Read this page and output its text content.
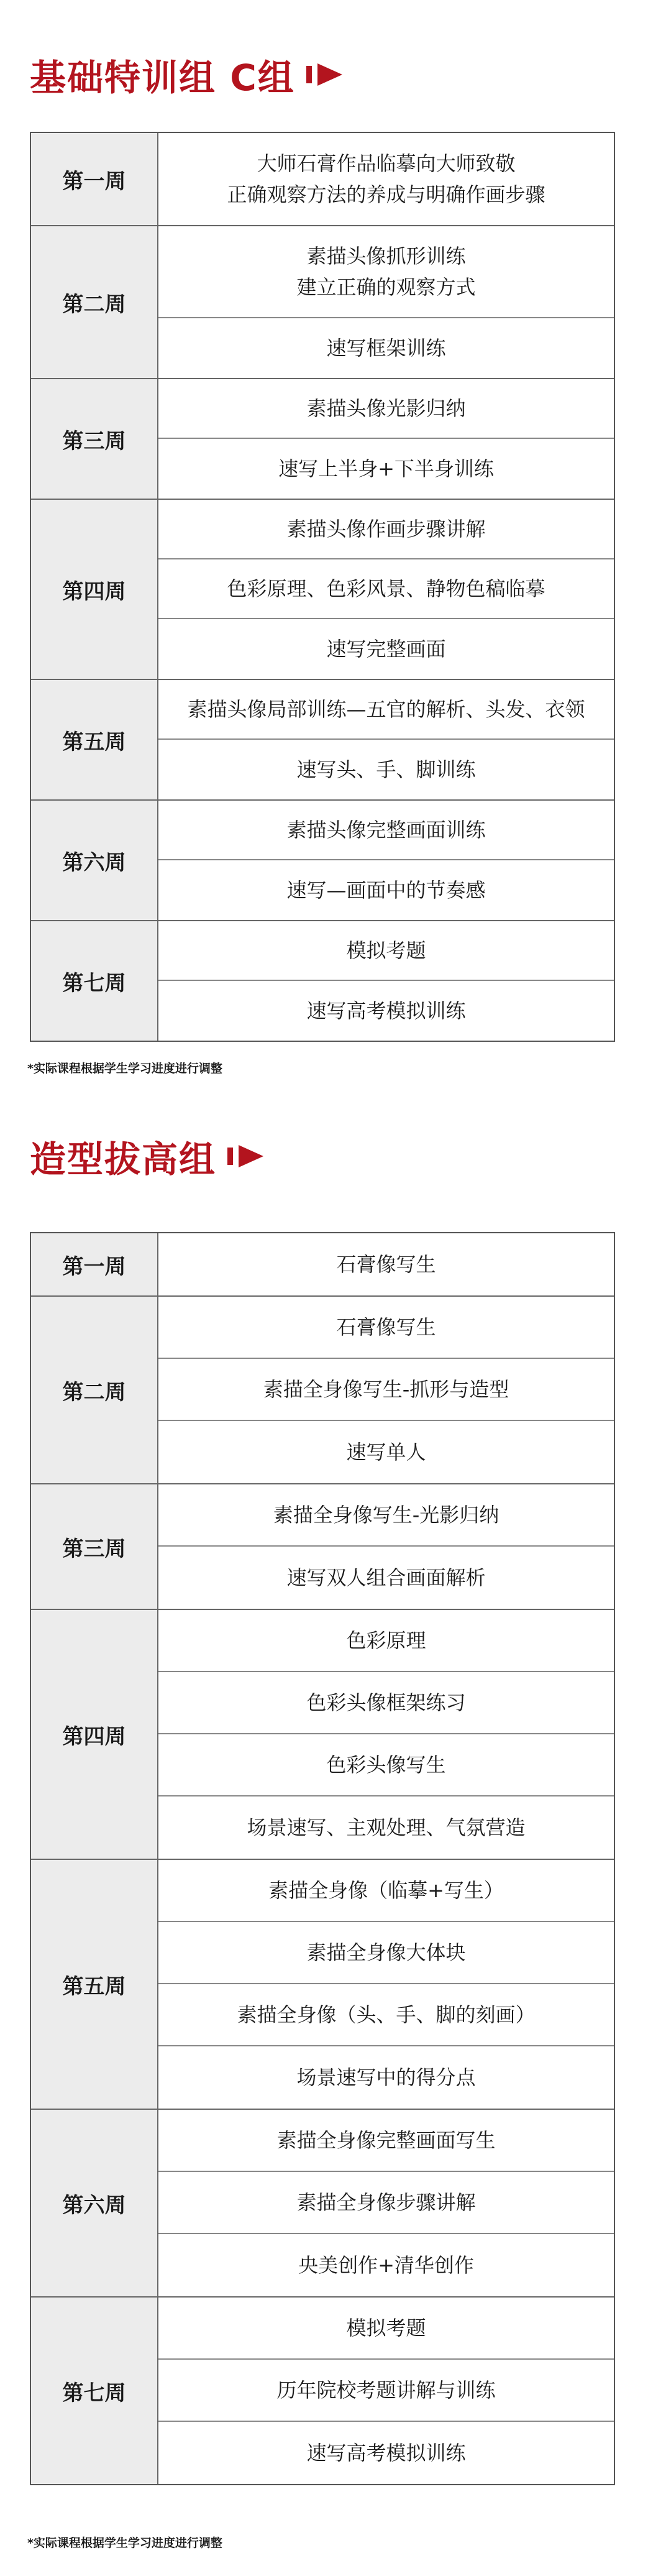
基础特训组 C组
第一周
大师石膏作品临摹向大师致敬
正确观察方法的养成与明确作画步骤
第二周
素描头像抓形训练
建立正确的观察方式
速写框架训练
第三周
素描头像光影归纳
速写上半身+下半身训练
第四周
素描头像作画步骤讲解
色彩原理、色彩风景、静物色稿临摹
速写完整画面
第五周
素描头像局部训练—五官的解析、头发、衣领
速写头、手、脚训练
第六周
素描头像完整画面训练
速写—画面中的节奏感
第七周
模拟考题
速写高考模拟训练
*实际课程根据学生学习进度进行调整
造型拔高组
第一周	石膏像写生
第二周
石膏像写生
素描全身像写生-抓形与造型
速写单人
第三周
素描全身像写生-光影归纳
速写双人组合画面解析
第四周
色彩原理
色彩头像框架练习
色彩头像写生
场景速写、主观处理、气氛营造
第五周
素描全身像（临摹+写生）
素描全身像大体块
素描全身像（头、手、脚的刻画）
场景速写中的得分点
第六周
素描全身像完整画面写生
素描全身像步骤讲解
央美创作+清华创作
第七周
模拟考题
历年院校考题讲解与训练
速写高考模拟训练
*实际课程根据学生学习进度进行调整
